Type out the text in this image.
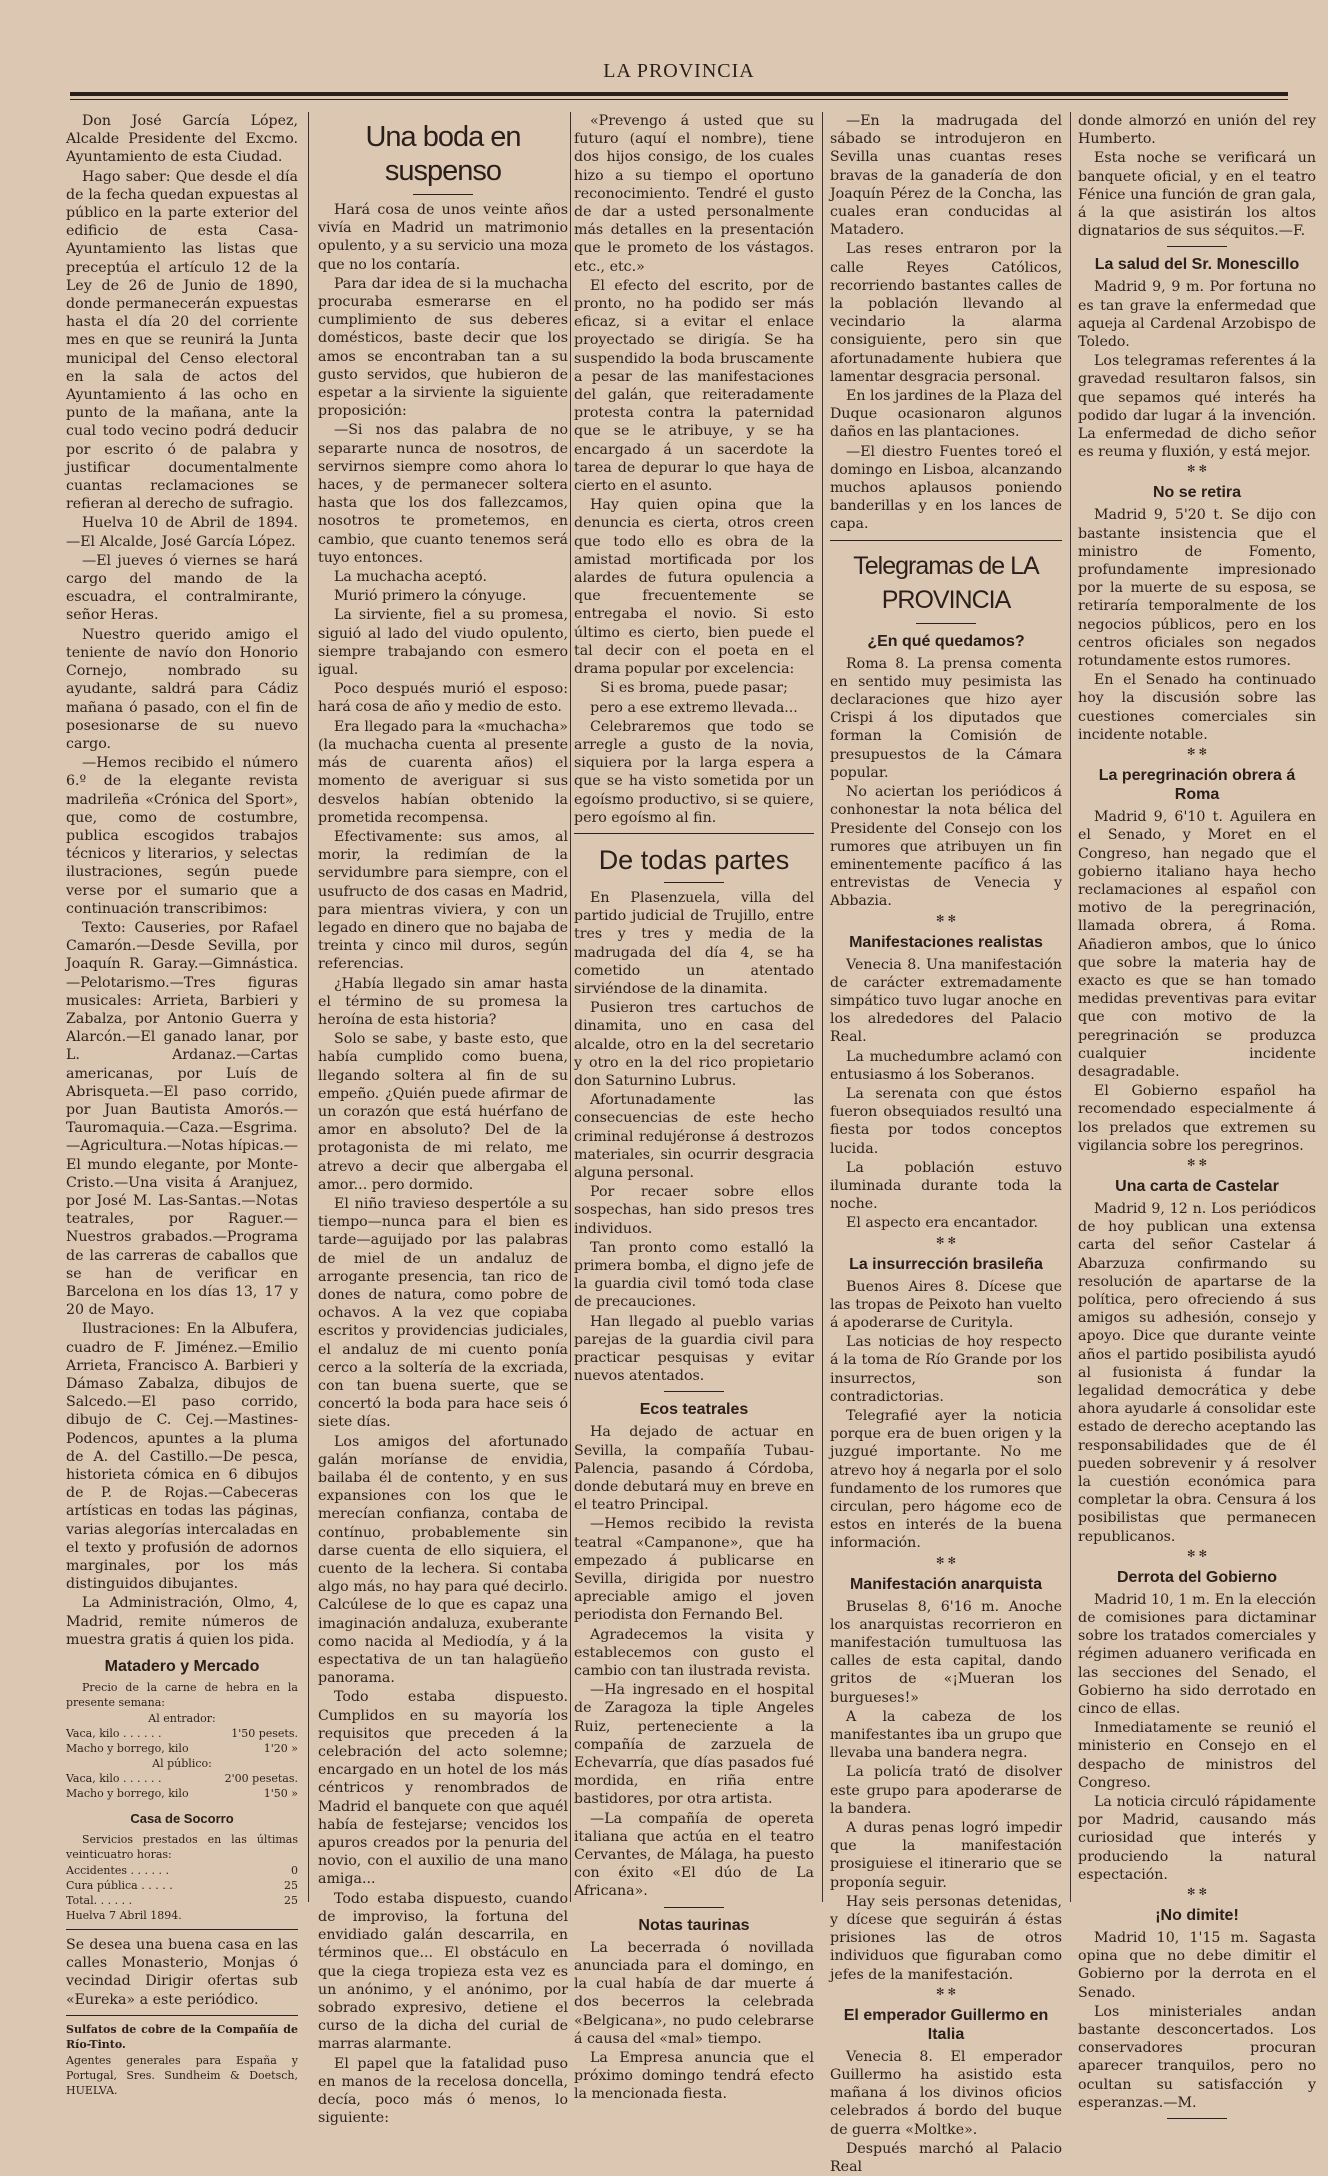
LA PROVINCIA

Don José García López, Alcalde Presidente del Excmo. Ayuntamiento de esta Ciudad.

Hago saber: Que desde el día de la fecha quedan expuestas al público en la parte exterior del edificio de esta Casa-Ayuntamiento las listas que preceptúa el artículo 12 de la Ley de 26 de Junio de 1890, donde permanecerán expuestas hasta el día 20 del corriente mes en que se reunirá la Junta municipal del Censo electoral en la sala de actos del Ayuntamiento á las ocho en punto de la mañana, ante la cual todo vecino podrá deducir por escrito ó de palabra y justificar documentalmente cuantas reclamaciones se refieran al derecho de sufragio.

Huelva 10 de Abril de 1894.—El Alcalde, José García López.

—El jueves ó viernes se hará cargo del mando de la escuadra, el contralmirante, señor Heras.

Nuestro querido amigo el teniente de navío don Honorio Cornejo, nombrado su ayudante, saldrá para Cádiz mañana ó pasado, con el fin de posesionarse de su nuevo cargo.

—Hemos recibido el número 6.º de la elegante revista madrileña «Crónica del Sport», que, como de costumbre, publica escogidos trabajos técnicos y literarios, y selectas ilustraciones, según puede verse por el sumario que a continuación transcribimos:

Texto: Causeries, por Rafael Camarón.—Desde Sevilla, por Joaquín R. Garay.—Gimnástica.—Pelotarismo.—Tres figuras musicales: Arrieta, Barbieri y Zabalza, por Antonio Guerra y Alarcón.—El ganado lanar, por L. Ardanaz.—Cartas americanas, por Luís de Abrisqueta.—El paso corrido, por Juan Bautista Amorós.—Tauromaquia.—Caza.—Esgrima.—Agricultura.—Notas hípicas.—El mundo elegante, por Monte-Cristo.—Una visita á Aranjuez, por José M. Las-Santas.—Notas teatrales, por Raguer.—Nuestros grabados.—Programa de las carreras de caballos que se han de verificar en Barcelona en los días 13, 17 y 20 de Mayo.

Ilustraciones: En la Albufera, cuadro de F. Jiménez.—Emilio Arrieta, Francisco A. Barbieri y Dámaso Zabalza, dibujos de Salcedo.—El paso corrido, dibujo de C. Cej.—Mastines-Podencos, apuntes a la pluma de A. del Castillo.—De pesca, historieta cómica en 6 dibujos de P. de Rojas.—Cabeceras artísticas en todas las páginas, varias alegorías intercaladas en el texto y profusión de adornos marginales, por los más distinguidos dibujantes.

La Administración, Olmo, 4, Madrid, remite números de muestra gratis á quien los pida.

Matadero y Mercado

Precio de la carne de hebra en la presente semana:

Al entrador:
Vaca, kilo . . . . . .	1'50 pesets.
Macho y borrego, kilo	1'20 »
Al público:
Vaca, kilo . . . . . .	2'00 pesetas.
Macho y borrego, kilo	1'50 »
Casa de Socorro

Servicios prestados en las últimas veinticuatro horas:

Accidentes . . . . . .	0
Cura pública . . . . .	25
Total. . . . . .	25
Huelva 7 Abril 1894.

Se desea una buena casa en las calles Monasterio, Monjas ó vecindad Dirigir ofertas sub «Eureka» a este periódico.

Sulfatos de cobre de la Compañía de Río-Tinto.

Agentes generales para España y Portugal, Sres. Sundheim & Doetsch, HUELVA.

Una boda en suspenso

Hará cosa de unos veinte años vivía en Madrid un matrimonio opulento, y a su servicio una moza que no los contaría.

Para dar idea de si la muchacha procuraba esmerarse en el cumplimiento de sus deberes domésticos, baste decir que los amos se encontraban tan a su gusto servidos, que hubieron de espetar a la sirviente la siguiente proposición:

—Si nos das palabra de no separarte nunca de nosotros, de servirnos siempre como ahora lo haces, y de permanecer soltera hasta que los dos fallezcamos, nosotros te prometemos, en cambio, que cuanto tenemos será tuyo entonces.

La muchacha aceptó.

Murió primero la cónyuge.

La sirviente, fiel a su promesa, siguió al lado del viudo opulento, siempre trabajando con esmero igual.

Poco después murió el esposo: hará cosa de año y medio de esto.

Era llegado para la «muchacha» (la muchacha cuenta al presente más de cuarenta años) el momento de averiguar si sus desvelos habían obtenido la prometida recompensa.

Efectivamente: sus amos, al morir, la redimían de la servidumbre para siempre, con el usufructo de dos casas en Madrid, para mientras viviera, y con un legado en dinero que no bajaba de treinta y cinco mil duros, según referencias.

¿Había llegado sin amar hasta el término de su promesa la heroína de esta historia?

Solo se sabe, y baste esto, que había cumplido como buena, llegando soltera al fin de su empeño. ¿Quién puede afirmar de un corazón que está huérfano de amor en absoluto? Del de la protagonista de mi relato, me atrevo a decir que albergaba el amor... pero dormido.

El niño travieso despertóle a su tiempo—nunca para el bien es tarde—aguijado por las palabras de miel de un andaluz de arrogante presencia, tan rico de dones de natura, como pobre de ochavos. A la vez que copiaba escritos y providencias judiciales, el andaluz de mi cuento ponía cerco a la soltería de la excriada, con tan buena suerte, que se concertó la boda para hace seis ó siete días.

Los amigos del afortunado galán moríanse de envidia, bailaba él de contento, y en sus expansiones con los que le merecían confianza, contaba de contínuo, probablemente sin darse cuenta de ello siquiera, el cuento de la lechera. Si contaba algo más, no hay para qué decirlo. Calcúlese de lo que es capaz una imaginación andaluza, exuberante como nacida al Mediodía, y á la espectativa de un tan halagüeño panorama.

Todo estaba dispuesto. Cumplidos en su mayoría los requisitos que preceden á la celebración del acto solemne; encargado en un hotel de los más céntricos y renombrados de Madrid el banquete con que aquél había de festejarse; vencidos los apuros creados por la penuria del novio, con el auxilio de una mano amiga...

Todo estaba dispuesto, cuando de improviso, la fortuna del envidiado galán descarrila, en términos que... El obstáculo en que la ciega tropieza esta vez es un anónimo, y el anónimo, por sobrado expresivo, detiene el curso de la dicha del curial de marras alarmante.

El papel que la fatalidad puso en manos de la recelosa doncella, decía, poco más ó menos, lo siguiente:

«Prevengo á usted que su futuro (aquí el nombre), tiene dos hijos consigo, de los cuales hizo a su tiempo el oportuno reconocimiento. Tendré el gusto de dar a usted personalmente más detalles en la presentación que le prometo de los vástagos. etc., etc.»

El efecto del escrito, por de pronto, no ha podido ser más eficaz, si a evitar el enlace proyectado se dirigía. Se ha suspendido la boda bruscamente a pesar de las manifestaciones del galán, que reiteradamente protesta contra la paternidad que se le atribuye, y se ha encargado á un sacerdote la tarea de depurar lo que haya de cierto en el asunto.

Hay quien opina que la denuncia es cierta, otros creen que todo ello es obra de la amistad mortificada por los alardes de futura opulencia a que frecuentemente se entregaba el novio. Si esto último es cierto, bien puede el tal decir con el poeta en el drama popular por excelencia:

Si es broma, puede pasar;

pero a ese extremo llevada...

Celebraremos que todo se arregle a gusto de la novia, siquiera por la larga espera a que se ha visto sometida por un egoísmo productivo, si se quiere, pero egoísmo al fin.

De todas partes

En Plasenzuela, villa del partido judicial de Trujillo, entre tres y tres y media de la madrugada del día 4, se ha cometido un atentado sirviéndose de la dinamita.

Pusieron tres cartuchos de dinamita, uno en casa del alcalde, otro en la del secretario y otro en la del rico propietario don Saturnino Lubrus.

Afortunadamente las consecuencias de este hecho criminal redujéronse á destrozos materiales, sin ocurrir desgracia alguna personal.

Por recaer sobre ellos sospechas, han sido presos tres individuos.

Tan pronto como estalló la primera bomba, el digno jefe de la guardia civil tomó toda clase de precauciones.

Han llegado al pueblo varias parejas de la guardia civil para practicar pesquisas y evitar nuevos atentados.

Ecos teatrales

Ha dejado de actuar en Sevilla, la compañía Tubau-Palencia, pasando á Córdoba, donde debutará muy en breve en el teatro Principal.

—Hemos recibido la revista teatral «Campanone», que ha empezado á publicarse en Sevilla, dirigida por nuestro apreciable amigo el joven periodista don Fernando Bel.

Agradecemos la visita y establecemos con gusto el cambio con tan ilustrada revista.

—Ha ingresado en el hospital de Zaragoza la tiple Angeles Ruiz, perteneciente a la compañía de zarzuela de Echevarría, que días pasados fué mordida, en riña entre bastidores, por otra artista.

—La compañía de opereta italiana que actúa en el teatro Cervantes, de Málaga, ha puesto con éxito «El dúo de La Africana».

Notas taurinas

La becerrada ó novillada anunciada para el domingo, en la cual había de dar muerte á dos becerros la celebrada «Belgicana», no pudo celebrarse á causa del «mal» tiempo.

La Empresa anuncia que el próximo domingo tendrá efecto la mencionada fiesta.

—En la madrugada del sábado se introdujeron en Sevilla unas cuantas reses bravas de la ganadería de don Joaquín Pérez de la Concha, las cuales eran conducidas al Matadero.

Las reses entraron por la calle Reyes Católicos, recorriendo bastantes calles de la población llevando al vecindario la alarma consiguiente, pero sin que afortunadamente hubiera que lamentar desgracia personal.

En los jardines de la Plaza del Duque ocasionaron algunos daños en las plantaciones.

—El diestro Fuentes toreó el domingo en Lisboa, alcanzando muchos aplausos poniendo banderillas y en los lances de capa.

Telegramas de LA PROVINCIA
¿En qué quedamos?

Roma 8. La prensa comenta en sentido muy pesimista las declaraciones que hizo ayer Crispi á los diputados que forman la Comisión de presupuestos de la Cámara popular.

No aciertan los periódicos á conhonestar la nota bélica del Presidente del Consejo con los rumores que atribuyen un fin eminentemente pacífico á las entrevistas de Venecia y Abbazia.

✻ ✻
Manifestaciones realistas

Venecia 8. Una manifestación de carácter extremadamente simpático tuvo lugar anoche en los alrededores del Palacio Real.

La muchedumbre aclamó con entusiasmo á los Soberanos.

La serenata con que éstos fueron obsequiados resultó una fiesta por todos conceptos lucida.

La población estuvo iluminada durante toda la noche.

El aspecto era encantador.

✻ ✻
La insurrección brasileña

Buenos Aires 8. Dícese que las tropas de Peixoto han vuelto á apoderarse de Curityla.

Las noticias de hoy respecto á la toma de Río Grande por los insurrectos, son contradictorias.

Telegrafié ayer la noticia porque era de buen origen y la juzgué importante. No me atrevo hoy á negarla por el solo fundamento de los rumores que circulan, pero hágome eco de estos en interés de la buena información.

✻ ✻
Manifestación anarquista

Bruselas 8, 6'16 m. Anoche los anarquistas recorrieron en manifestación tumultuosa las calles de esta capital, dando gritos de «¡Mueran los burgueses!»

A la cabeza de los manifestantes iba un grupo que llevaba una bandera negra.

La policía trató de disolver este grupo para apoderarse de la bandera.

A duras penas logró impedir que la manifestación prosiguiese el itinerario que se proponía seguir.

Hay seis personas detenidas, y dícese que seguirán á éstas prisiones las de otros individuos que figuraban como jefes de la manifestación.

✻ ✻
El emperador Guillermo en Italia

Venecia 8. El emperador Guillermo ha asistido esta mañana á los divinos oficios celebrados á bordo del buque de guerra «Moltke».

Después marchó al Palacio Real

donde almorzó en unión del rey Humberto.

Esta noche se verificará un banquete oficial, y en el teatro Fénice una función de gran gala, á la que asistirán los altos dignatarios de sus séquitos.—F.

La salud del Sr. Monescillo

Madrid 9, 9 m. Por fortuna no es tan grave la enfermedad que aqueja al Cardenal Arzobispo de Toledo.

Los telegramas referentes á la gravedad resultaron falsos, sin que sepamos qué interés ha podido dar lugar á la invención. La enfermedad de dicho señor es reuma y fluxión, y está mejor.

✻ ✻
No se retira

Madrid 9, 5'20 t. Se dijo con bastante insistencia que el ministro de Fomento, profundamente impresionado por la muerte de su esposa, se retiraría temporalmente de los negocios públicos, pero en los centros oficiales son negados rotundamente estos rumores.

En el Senado ha continuado hoy la discusión sobre las cuestiones comerciales sin incidente notable.

✻ ✻
La peregrinación obrera á Roma

Madrid 9, 6'10 t. Aguilera en el Senado, y Moret en el Congreso, han negado que el gobierno italiano haya hecho reclamaciones al español con motivo de la peregrinación, llamada obrera, á Roma. Añadieron ambos, que lo único que sobre la materia hay de exacto es que se han tomado medidas preventivas para evitar que con motivo de la peregrinación se produzca cualquier incidente desagradable.

El Gobierno español ha recomendado especialmente á los prelados que extremen su vigilancia sobre los peregrinos.

✻ ✻
Una carta de Castelar

Madrid 9, 12 n. Los periódicos de hoy publican una extensa carta del señor Castelar á Abarzuza confirmando su resolución de apartarse de la política, pero ofreciendo á sus amigos su adhesión, consejo y apoyo. Dice que durante veinte años el partido posibilista ayudó al fusionista á fundar la legalidad democrática y debe ahora ayudarle á consolidar este estado de derecho aceptando las responsabilidades que de él pueden sobrevenir y á resolver la cuestión económica para completar la obra. Censura á los posibilistas que permanecen republicanos.

✻ ✻
Derrota del Gobierno

Madrid 10, 1 m. En la elección de comisiones para dictaminar sobre los tratados comerciales y régimen aduanero verificada en las secciones del Senado, el Gobierno ha sido derrotado en cinco de ellas.

Inmediatamente se reunió el ministerio en Consejo en el despacho de ministros del Congreso.

La noticia circuló rápidamente por Madrid, causando más curiosidad que interés y produciendo la natural espectación.

✻ ✻
¡No dimite!

Madrid 10, 1'15 m. Sagasta opina que no debe dimitir el Gobierno por la derrota en el Senado.

Los ministeriales andan bastante desconcertados. Los conservadores procuran aparecer tranquilos, pero no ocultan su satisfacción y esperanzas.—M.
